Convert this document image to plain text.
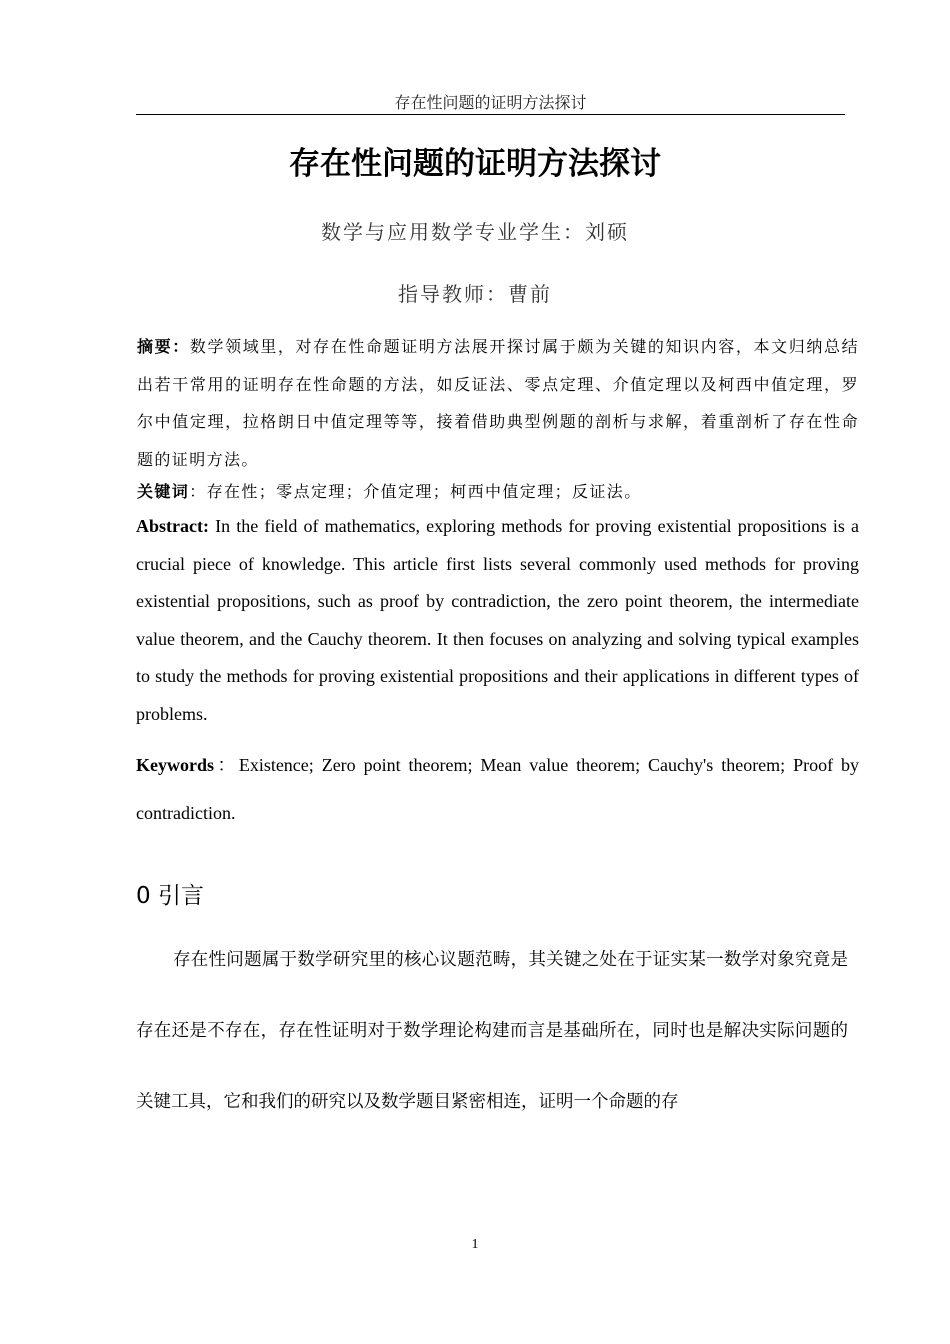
存在性问题的证明方法探讨
存在性问题的证明方法探讨
数学与应用数学专业学生：刘硕
指导教师：曹前

摘要：数学领域里，对存在性命题证明方法展开探讨属于颇为关键的知识内容，本文归纳总结出若干常用的证明存在性命题的方法，如反证法、零点定理、介值定理以及柯西中值定理，罗尔中值定理，拉格朗日中值定理等等，接着借助典型例题的剖析与求解，着重剖析了存在性命题的证明方法。

关键词：存在性；零点定理；介值定理；柯西中值定理；反证法。

Abstract: In the field of mathematics, exploring methods for proving existential propositions is a crucial piece of knowledge. This article first lists several commonly used methods for proving existential propositions, such as proof by contradiction, the zero point theorem, the intermediate value theorem, and the Cauchy theorem. It then focuses on analyzing and solving typical examples to study the methods for proving existential propositions and their applications in different types of problems.

Keywords：Existence; Zero point theorem; Mean value theorem; Cauchy's theorem; Proof by contradiction.

0 引言

存在性问题属于数学研究里的核心议题范畴，其关键之处在于证实某一数学对象究竟是存在还是不存在，存在性证明对于数学理论构建而言是基础所在，同时也是解决实际问题的关键工具，它和我们的研究以及数学题目紧密相连，证明一个命题的存

1
